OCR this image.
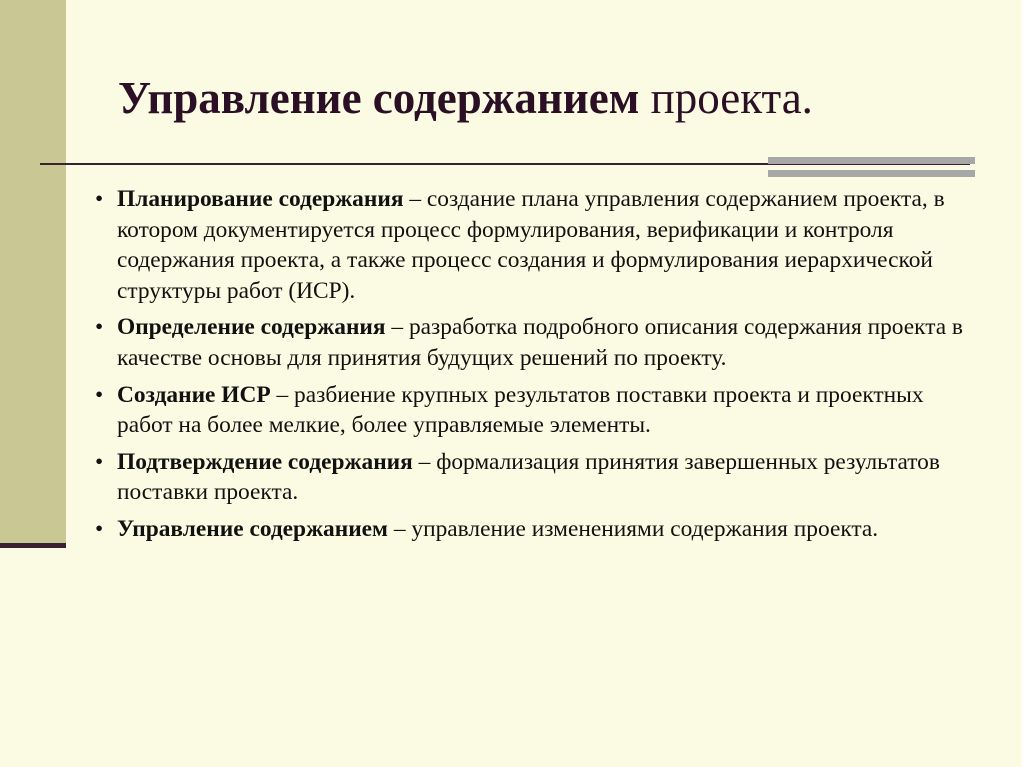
Управление содержанием проекта.
• Планирование содержания – создание плана управления содержанием проекта, в котором документируется процесс формулирования, верификации и контроля содержания проекта, а также процесс создания и формулирования иерархической структуры работ (ИСР).
• Определение содержания – разработка подробного описания содержания проекта в качестве основы для принятия будущих решений по проекту.
• Создание ИСР – разбиение крупных результатов поставки проекта и проектных работ на более мелкие, более управляемые элементы.
• Подтверждение содержания – формализация принятия завершенных результатов поставки проекта.
• Управление содержанием – управление изменениями содержания проекта.
